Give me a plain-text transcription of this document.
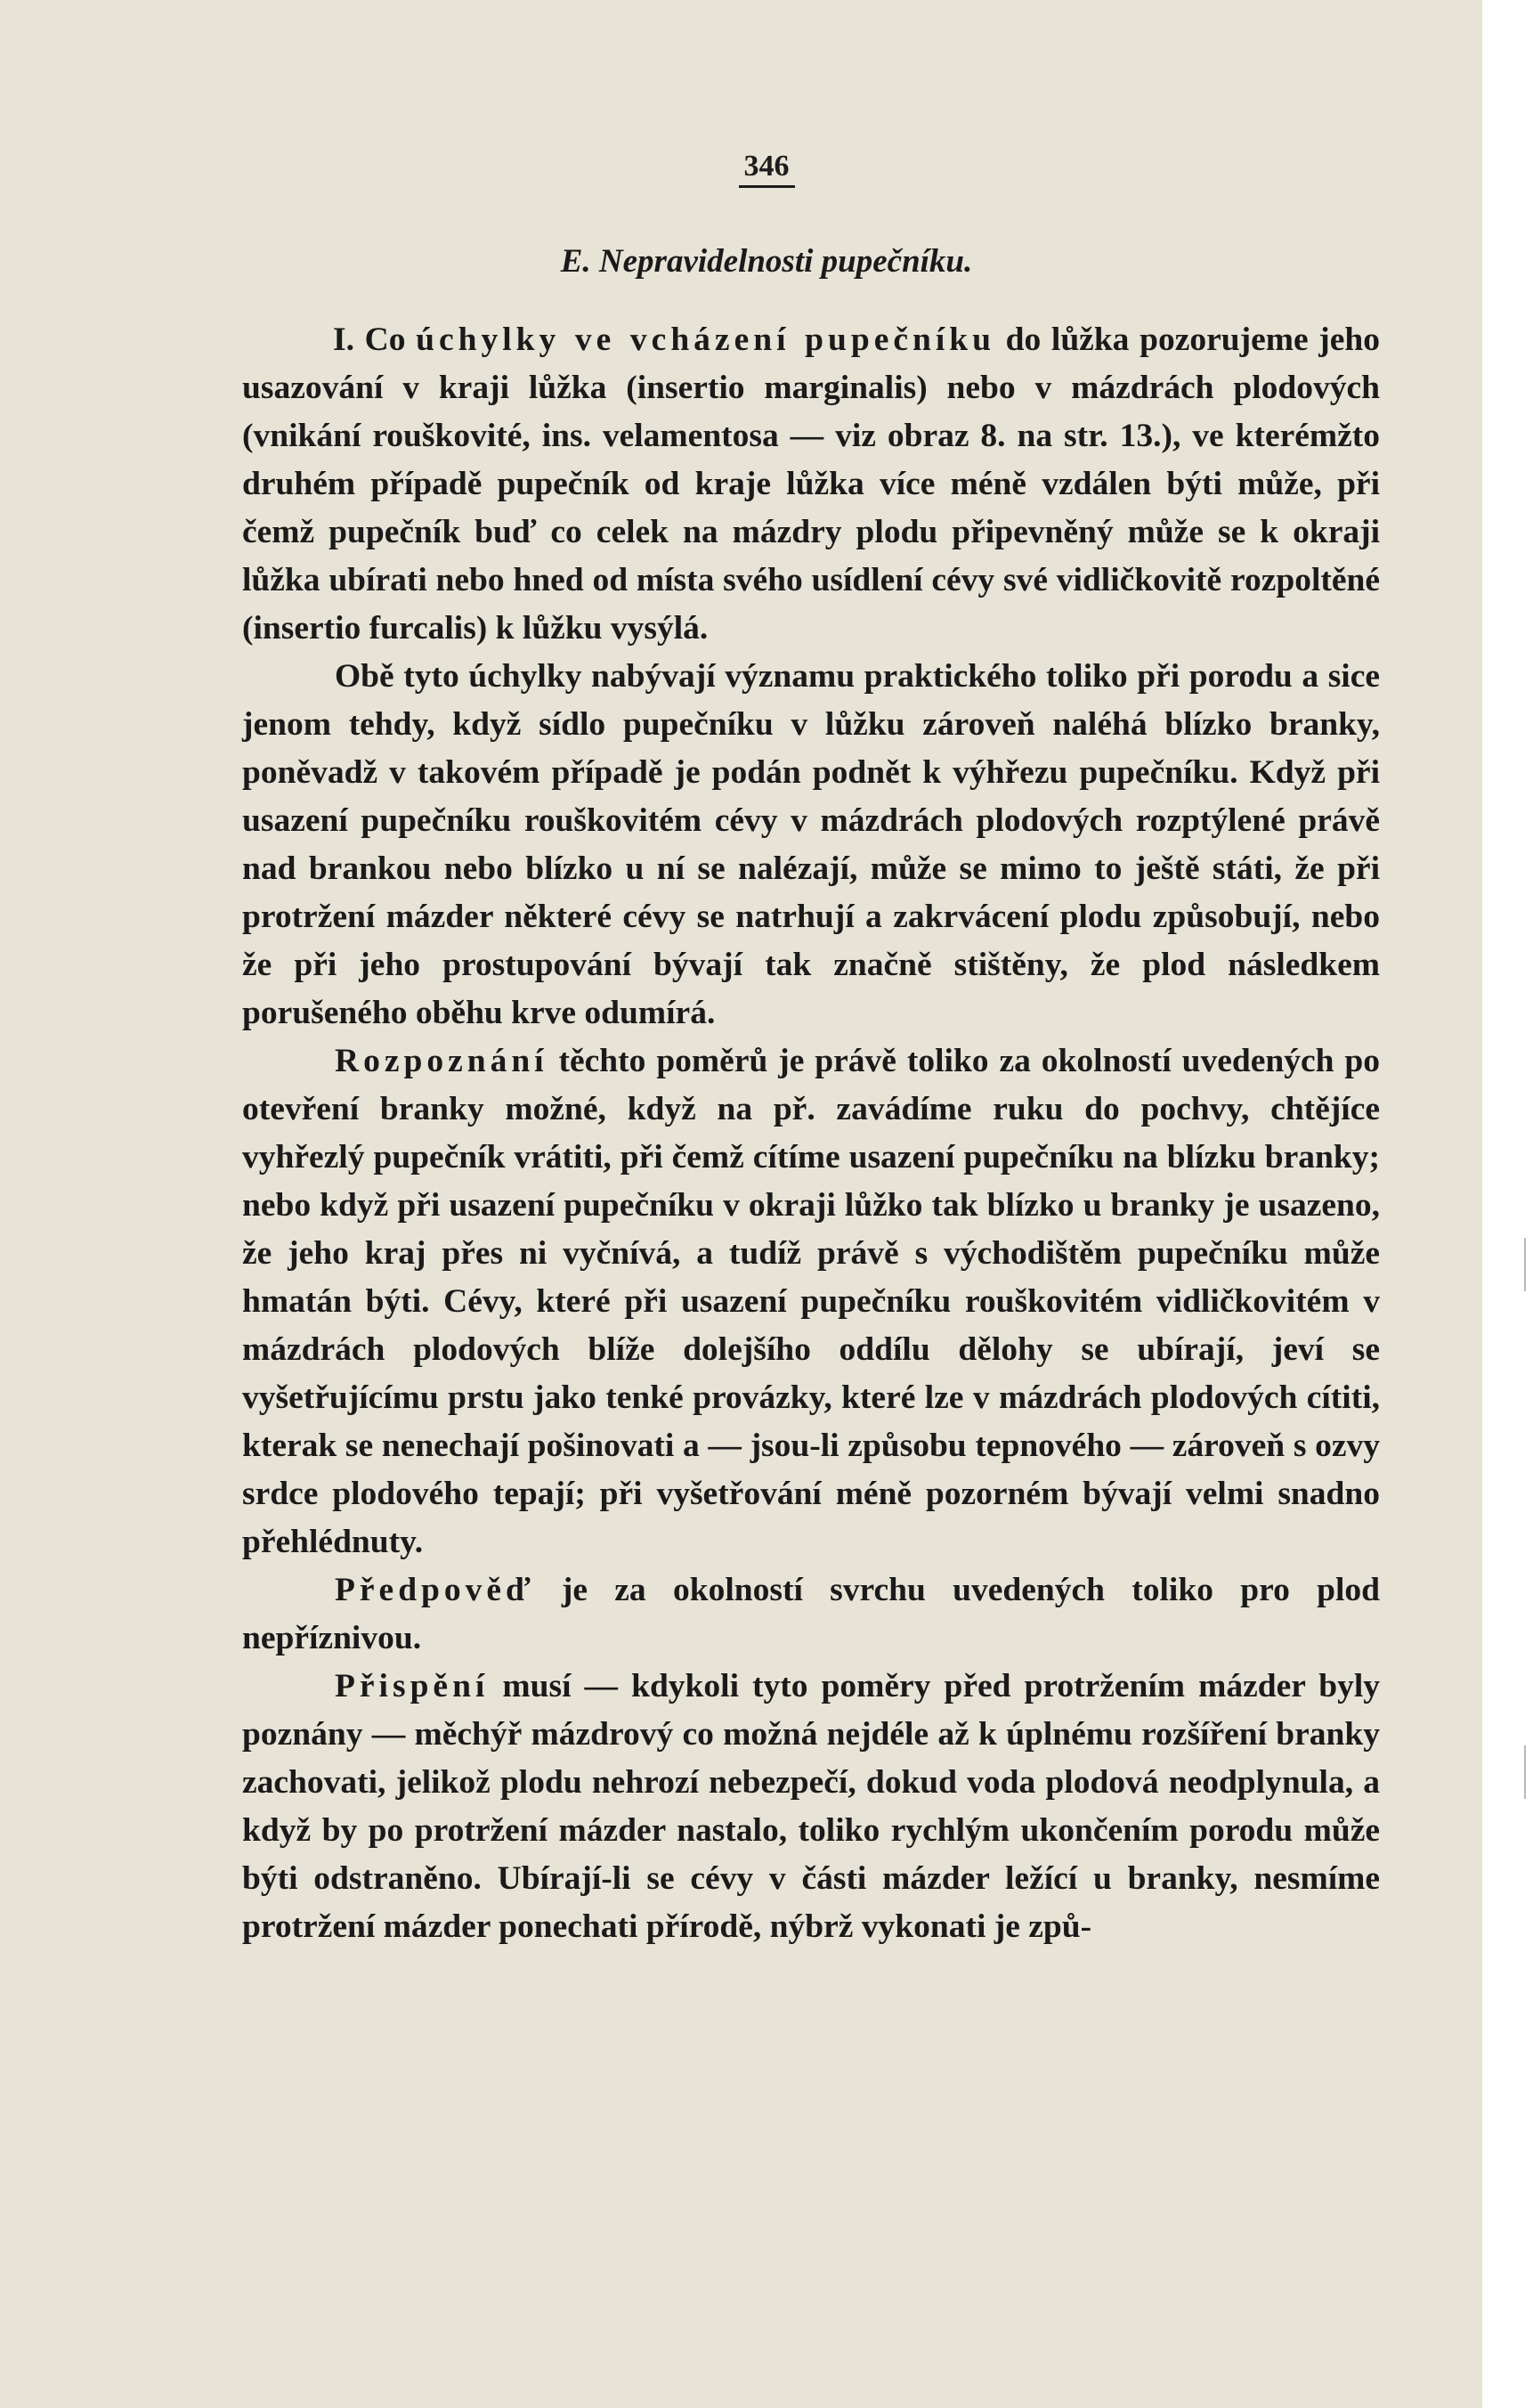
346
E. Nepravidelnosti pupečníku.

I. Co úchylky ve vcházení pupečníku do lůžka pozorujeme jeho usazování v kraji lůžka (insertio marginalis) nebo v mázdrách plodových (vnikání rouškovité, ins. velamentosa — viz obraz 8. na str. 13.), ve kterémžto druhém případě pupečník od kraje lůžka více méně vzdálen býti může, při čemž pupečník buď co celek na mázdry plodu připevněný může se k okraji lůžka ubírati nebo hned od místa svého usídlení cévy své vidličkovitě rozpoltěné (insertio furcalis) k lůžku vysýlá.

Obě tyto úchylky nabývají významu praktického toliko při porodu a sice jenom tehdy, když sídlo pupečníku v lůžku zároveň naléhá blízko branky, poněvadž v takovém případě je podán podnět k výhřezu pupečníku. Když při usazení pupečníku rouškovitém cévy v mázdrách plodových rozptýlené právě nad brankou nebo blízko u ní se nalézají, může se mimo to ještě státi, že při protržení mázder některé cévy se natrhují a zakrvácení plodu způsobují, nebo že při jeho prostupování bývají tak značně stištěny, že plod následkem porušeného oběhu krve odumírá.

Rozpoznání těchto poměrů je právě toliko za okolností uvedených po otevření branky možné, když na př. zavádíme ruku do pochvy, chtějíce vyhřezlý pupečník vrátiti, při čemž cítíme usazení pupečníku na blízku branky; nebo když při usazení pupečníku v okraji lůžko tak blízko u branky je usazeno, že jeho kraj přes ni vyčnívá, a tudíž právě s východištěm pupečníku může hmatán býti. Cévy, které při usazení pupečníku rouškovitém vidličkovitém v mázdrách plodových blíže dolejšího oddílu dělohy se ubírají, jeví se vyšetřujícímu prstu jako tenké provázky, které lze v mázdrách plodových cítiti, kterak se nenechají pošinovati a — jsou-li způsobu tepnového — zároveň s ozvy srdce plodového tepají; při vyšetřování méně pozorném bývají velmi snadno přehlédnuty.

Předpověď je za okolností svrchu uvedených toliko pro plod nepříznivou.

Přispění musí — kdykoli tyto poměry před protržením mázder byly poznány — měchýř mázdrový co možná nejdéle až k úplnému rozšíření branky zachovati, jelikož plodu nehrozí nebezpečí, dokud voda plodová neodplynula, a když by po protržení mázder nastalo, toliko rychlým ukončením porodu může býti odstraněno. Ubírají-li se cévy v části mázder ležící u branky, nesmíme protržení mázder ponechati přírodě, nýbrž vykonati je způ-
